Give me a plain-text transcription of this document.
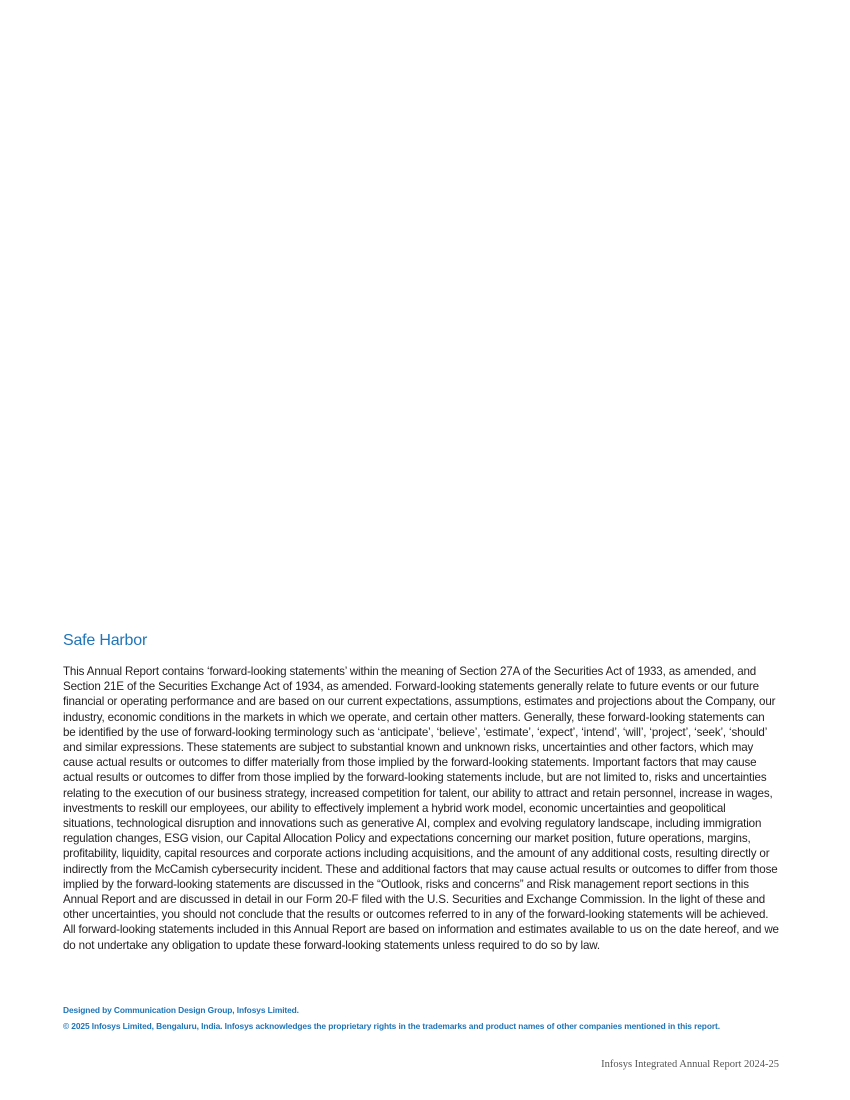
Safe Harbor

This Annual Report contains ‘forward-looking statements’ within the meaning of Section 27A of the Securities Act of 1933, as amended, and Section 21E of the Securities Exchange Act of 1934, as amended. Forward-looking statements generally relate to future events or our future financial or operating performance and are based on our current expectations, assumptions, estimates and projections about the Company, our industry, economic conditions in the markets in which we operate, and certain other matters. Generally, these forward-looking statements can be identified by the use of forward-looking terminology such as ‘anticipate’, ‘believe’, ‘estimate’, ‘expect’, ‘intend’, ‘will’, ‘project’, ‘seek’, ‘should’ and similar expressions. These statements are subject to substantial known and unknown risks, uncertainties and other factors, which may cause actual results or outcomes to differ materially from those implied by the forward-looking statements. Important factors that may cause actual results or outcomes to differ from those implied by the forward-looking statements include, but are not limited to, risks and uncertainties relating to the execution of our business strategy, increased competition for talent, our ability to attract and retain personnel, increase in wages, investments to reskill our employees, our ability to effectively implement a hybrid work model, economic uncertainties and geopolitical situations, technological disruption and innovations such as generative AI, complex and evolving regulatory landscape, including immigration regulation changes, ESG vision, our Capital Allocation Policy and expectations concerning our market position, future operations, margins, profitability, liquidity, capital resources and corporate actions including acquisitions, and the amount of any additional costs, resulting directly or indirectly from the McCamish cybersecurity incident. These and additional factors that may cause actual results or outcomes to differ from those implied by the forward-looking statements are discussed in the “Outlook, risks and concerns” and Risk management report sections in this Annual Report and are discussed in detail in our Form 20-F filed with the U.S. Securities and Exchange Commission. In the light of these and other uncertainties, you should not conclude that the results or outcomes referred to in any of the forward-looking statements will be achieved. All forward-looking statements included in this Annual Report are based on information and estimates available to us on the date hereof, and we do not undertake any obligation to update these forward-looking statements unless required to do so by law.

Designed by Communication Design Group, Infosys Limited.
© 2025 Infosys Limited, Bengaluru, India. Infosys acknowledges the proprietary rights in the trademarks and product names of other companies mentioned in this report.
Infosys Integrated Annual Report 2024-25
